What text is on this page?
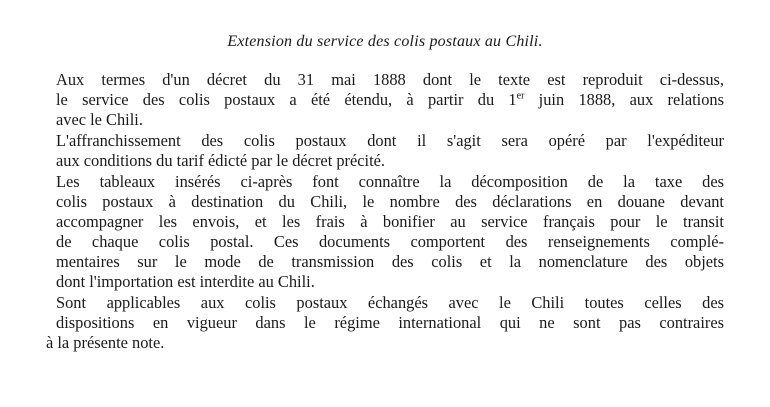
Extension du service des colis postaux au Chili.
Aux termes d'un décret du 31 mai 1888 dont le texte est reproduit ci-dessus,
le service des colis postaux a été étendu, à partir du 1er juin 1888, aux relations
avec le Chili.
L'affranchissement des colis postaux dont il s'agit sera opéré par l'expéditeur
aux conditions du tarif édicté par le décret précité.
Les tableaux insérés ci-après font connaître la décomposition de la taxe des
colis postaux à destination du Chili, le nombre des déclarations en douane devant
accompagner les envois, et les frais à bonifier au service français pour le transit
de chaque colis postal. Ces documents comportent des renseignements complé-
mentaires sur le mode de transmission des colis et la nomenclature des objets
dont l'importation est interdite au Chili.
Sont applicables aux colis postaux échangés avec le Chili toutes celles des
dispositions en vigueur dans le régime international qui ne sont pas contraires
à la présente note.
